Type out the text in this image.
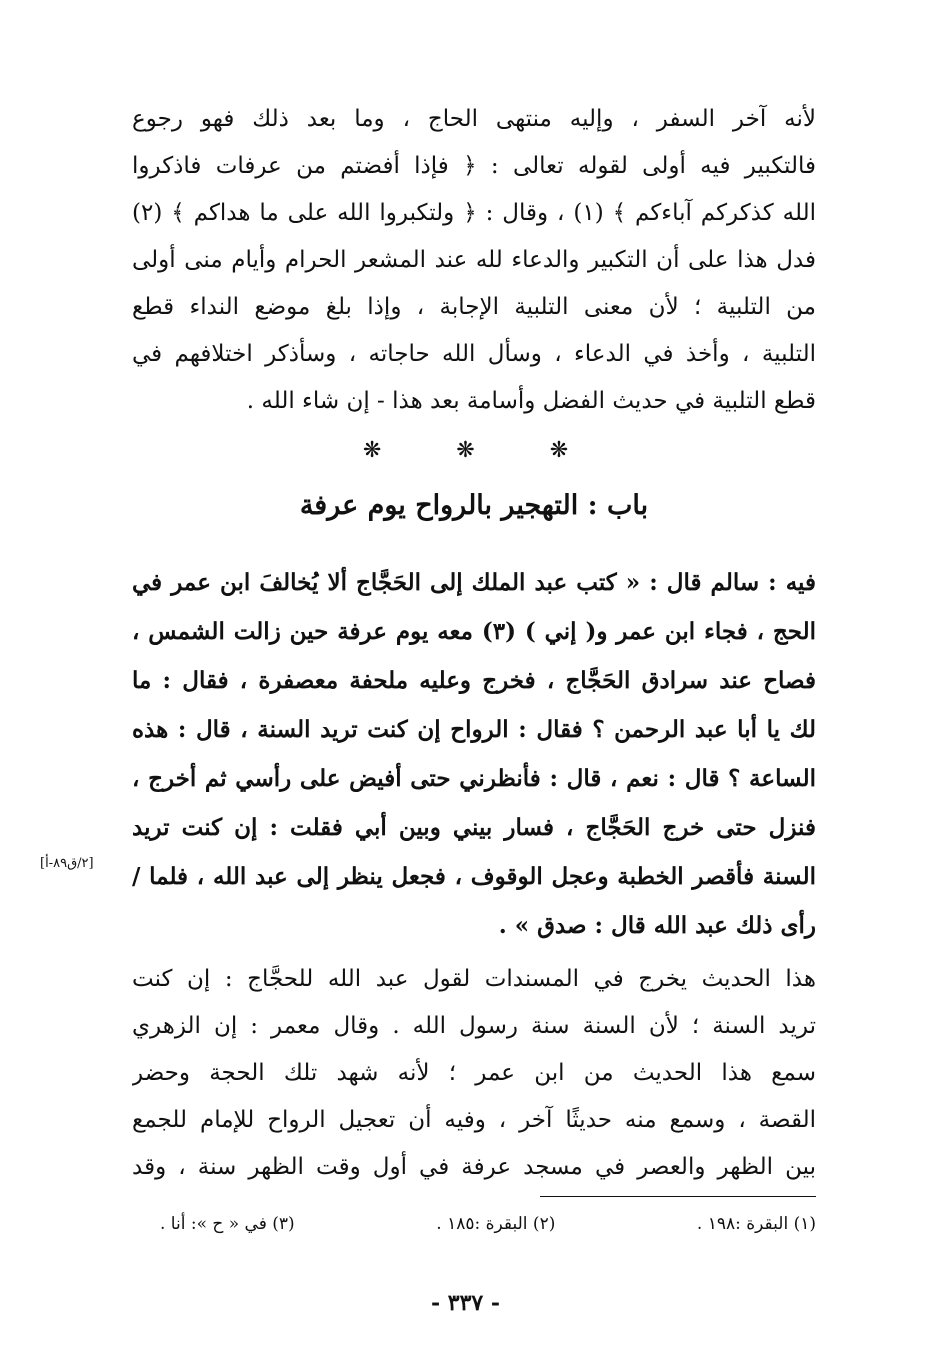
لأنه آخر السفر ، وإليه منتهى الحاج ، وما بعد ذلك فهو رجوع
فالتكبير فيه أولى لقوله تعالى : ﴿ فإذا أفضتم من عرفات فاذكروا
الله كذكركم آباءكم ﴾ (١) ، وقال : ﴿ ولتكبروا الله على ما هداكم ﴾ (٢)
فدل هذا على أن التكبير والدعاء لله عند المشعر الحرام وأيام منى أولى
من التلبية ؛ لأن معنى التلبية الإجابة ، وإذا بلغ موضع النداء قطع
التلبية ، وأخذ في الدعاء ، وسأل الله حاجاته ، وسأذكر اختلافهم في
قطع التلبية في حديث الفضل وأسامة بعد هذا - إن شاء الله .
❋	❋	❋
باب : التهجير بالرواح يوم عرفة
فيه : سالم قال : « كتب عبد الملك إلى الحَجَّاج ألا يُخالفَ ابن عمر في
الحج ، فجاء ابن عمر و( إني ) (٣) معه يوم عرفة حين زالت الشمس ،
فصاح عند سرادق الحَجَّاج ، فخرج وعليه ملحفة معصفرة ، فقال : ما
لك يا أبا عبد الرحمن ؟ فقال : الرواح إن كنت تريد السنة ، قال : هذه
الساعة ؟ قال : نعم ، قال : فأنظرني حتى أفيض على رأسي ثم أخرج ،
فنزل حتى خرج الحَجَّاج ، فسار بيني وبين أبي فقلت : إن كنت تريد
السنة فأقصر الخطبة وعجل الوقوف ، فجعل ينظر إلى عبد الله ، فلما /
رأى ذلك عبد الله قال : صدق » .
[٢/ق٨٩-أ]
هذا الحديث يخرج في المسندات لقول عبد الله للحجَّاج : إن كنت
تريد السنة ؛ لأن السنة سنة رسول الله . وقال معمر : إن الزهري
سمع هذا الحديث من ابن عمر ؛ لأنه شهد تلك الحجة وحضر
القصة ، وسمع منه حديثًا آخر ، وفيه أن تعجيل الرواح للإمام للجمع
بين الظهر والعصر في مسجد عرفة في أول وقت الظهر سنة ، وقد
(١) البقرة :١٩٨ .
(٢) البقرة :١٨٥ .
(٣) في « ح »: أنا .
- ٣٣٧ -
